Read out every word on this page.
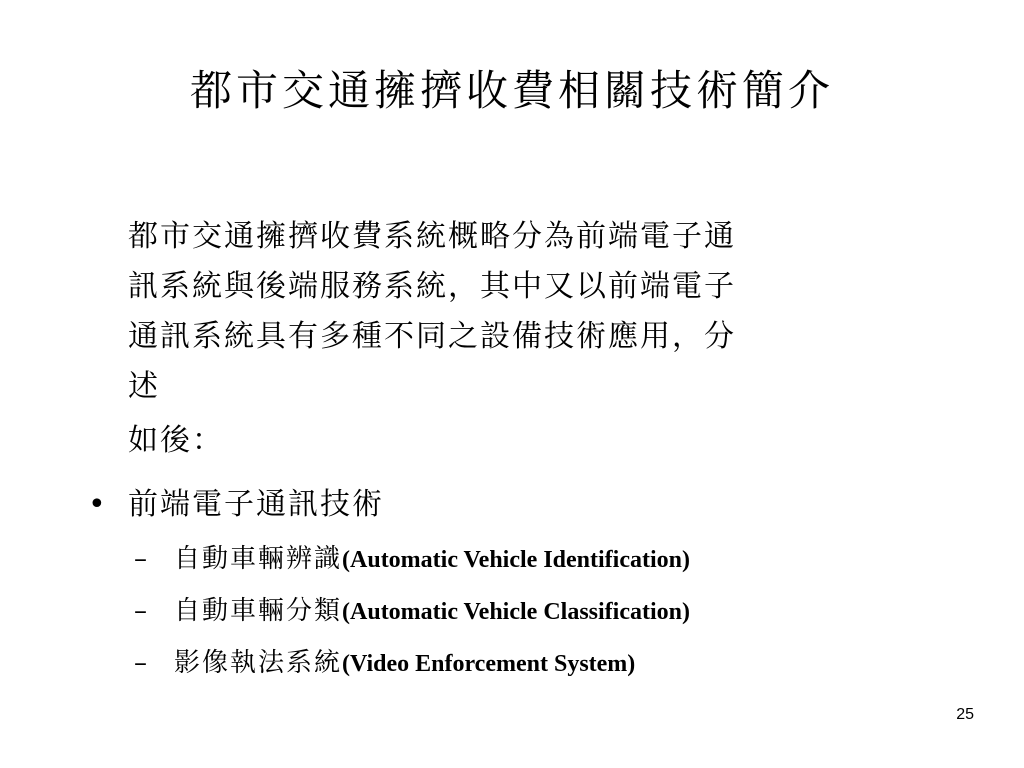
都市交通擁擠收費相關技術簡介

都市交通擁擠收費系統概略分為前端電子通

訊系統與後端服務系統，其中又以前端電子

通訊系統具有多種不同之設備技術應用，分

述

如後：

• 前端電子通訊技術
– 自動車輛辨識(Automatic Vehicle Identification)
– 自動車輛分類(Automatic Vehicle Classification)
– 影像執法系統(Video Enforcement System)
25
